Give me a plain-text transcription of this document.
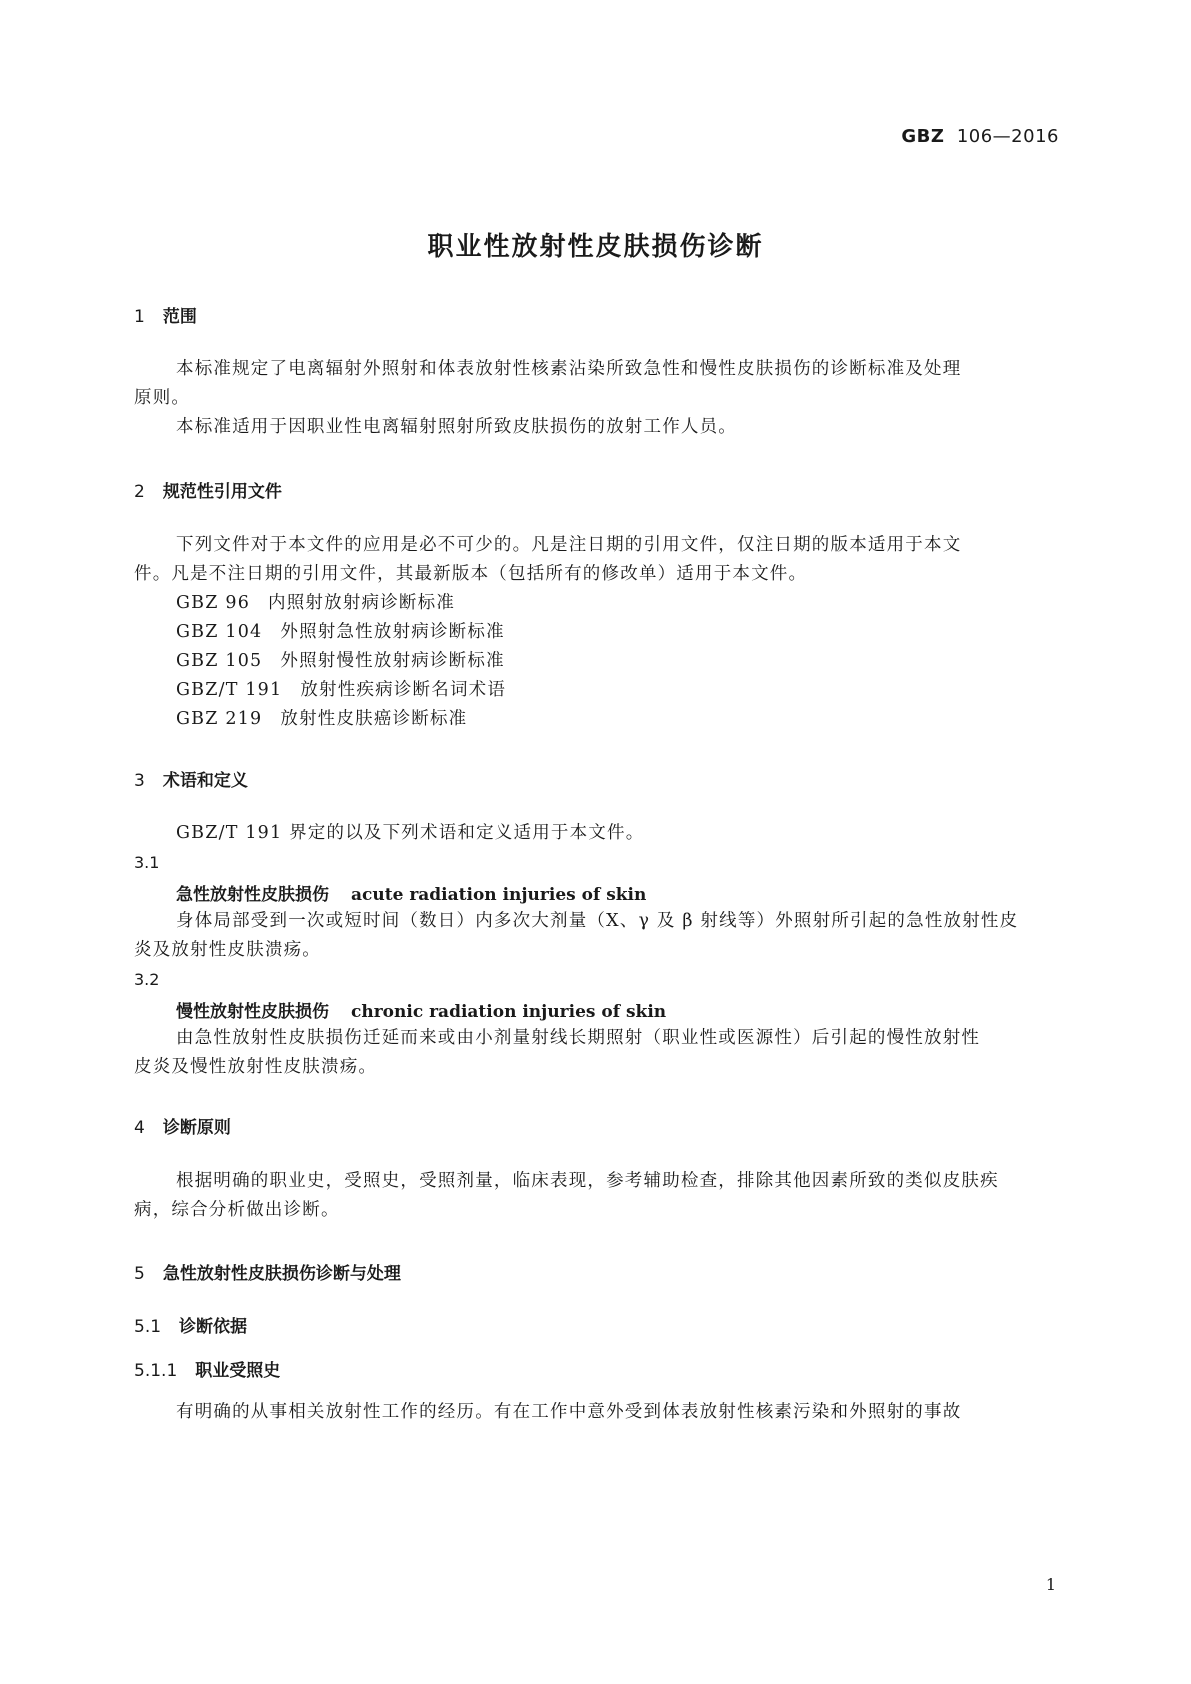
GBZ 106—2016
职业性放射性皮肤损伤诊断
1 范围
本标准规定了电离辐射外照射和体表放射性核素沾染所致急性和慢性皮肤损伤的诊断标准及处理
原则。
本标准适用于因职业性电离辐射照射所致皮肤损伤的放射工作人员。
2 规范性引用文件
下列文件对于本文件的应用是必不可少的。凡是注日期的引用文件，仅注日期的版本适用于本文
件。凡是不注日期的引用文件，其最新版本（包括所有的修改单）适用于本文件。
GBZ 96 内照射放射病诊断标准
GBZ 104 外照射急性放射病诊断标准
GBZ 105 外照射慢性放射病诊断标准
GBZ/T 191 放射性疾病诊断名词术语
GBZ 219 放射性皮肤癌诊断标准
3 术语和定义
GBZ/T 191 界定的以及下列术语和定义适用于本文件。
3.1
急性放射性皮肤损伤 acute radiation injuries of skin
身体局部受到一次或短时间（数日）内多次大剂量（X、γ 及 β 射线等）外照射所引起的急性放射性皮
炎及放射性皮肤溃疡。
3.2
慢性放射性皮肤损伤 chronic radiation injuries of skin
由急性放射性皮肤损伤迁延而来或由小剂量射线长期照射（职业性或医源性）后引起的慢性放射性
皮炎及慢性放射性皮肤溃疡。
4 诊断原则
根据明确的职业史，受照史，受照剂量，临床表现，参考辅助检查，排除其他因素所致的类似皮肤疾
病，综合分析做出诊断。
5 急性放射性皮肤损伤诊断与处理
5.1 诊断依据
5.1.1 职业受照史
有明确的从事相关放射性工作的经历。有在工作中意外受到体表放射性核素污染和外照射的事故
1
